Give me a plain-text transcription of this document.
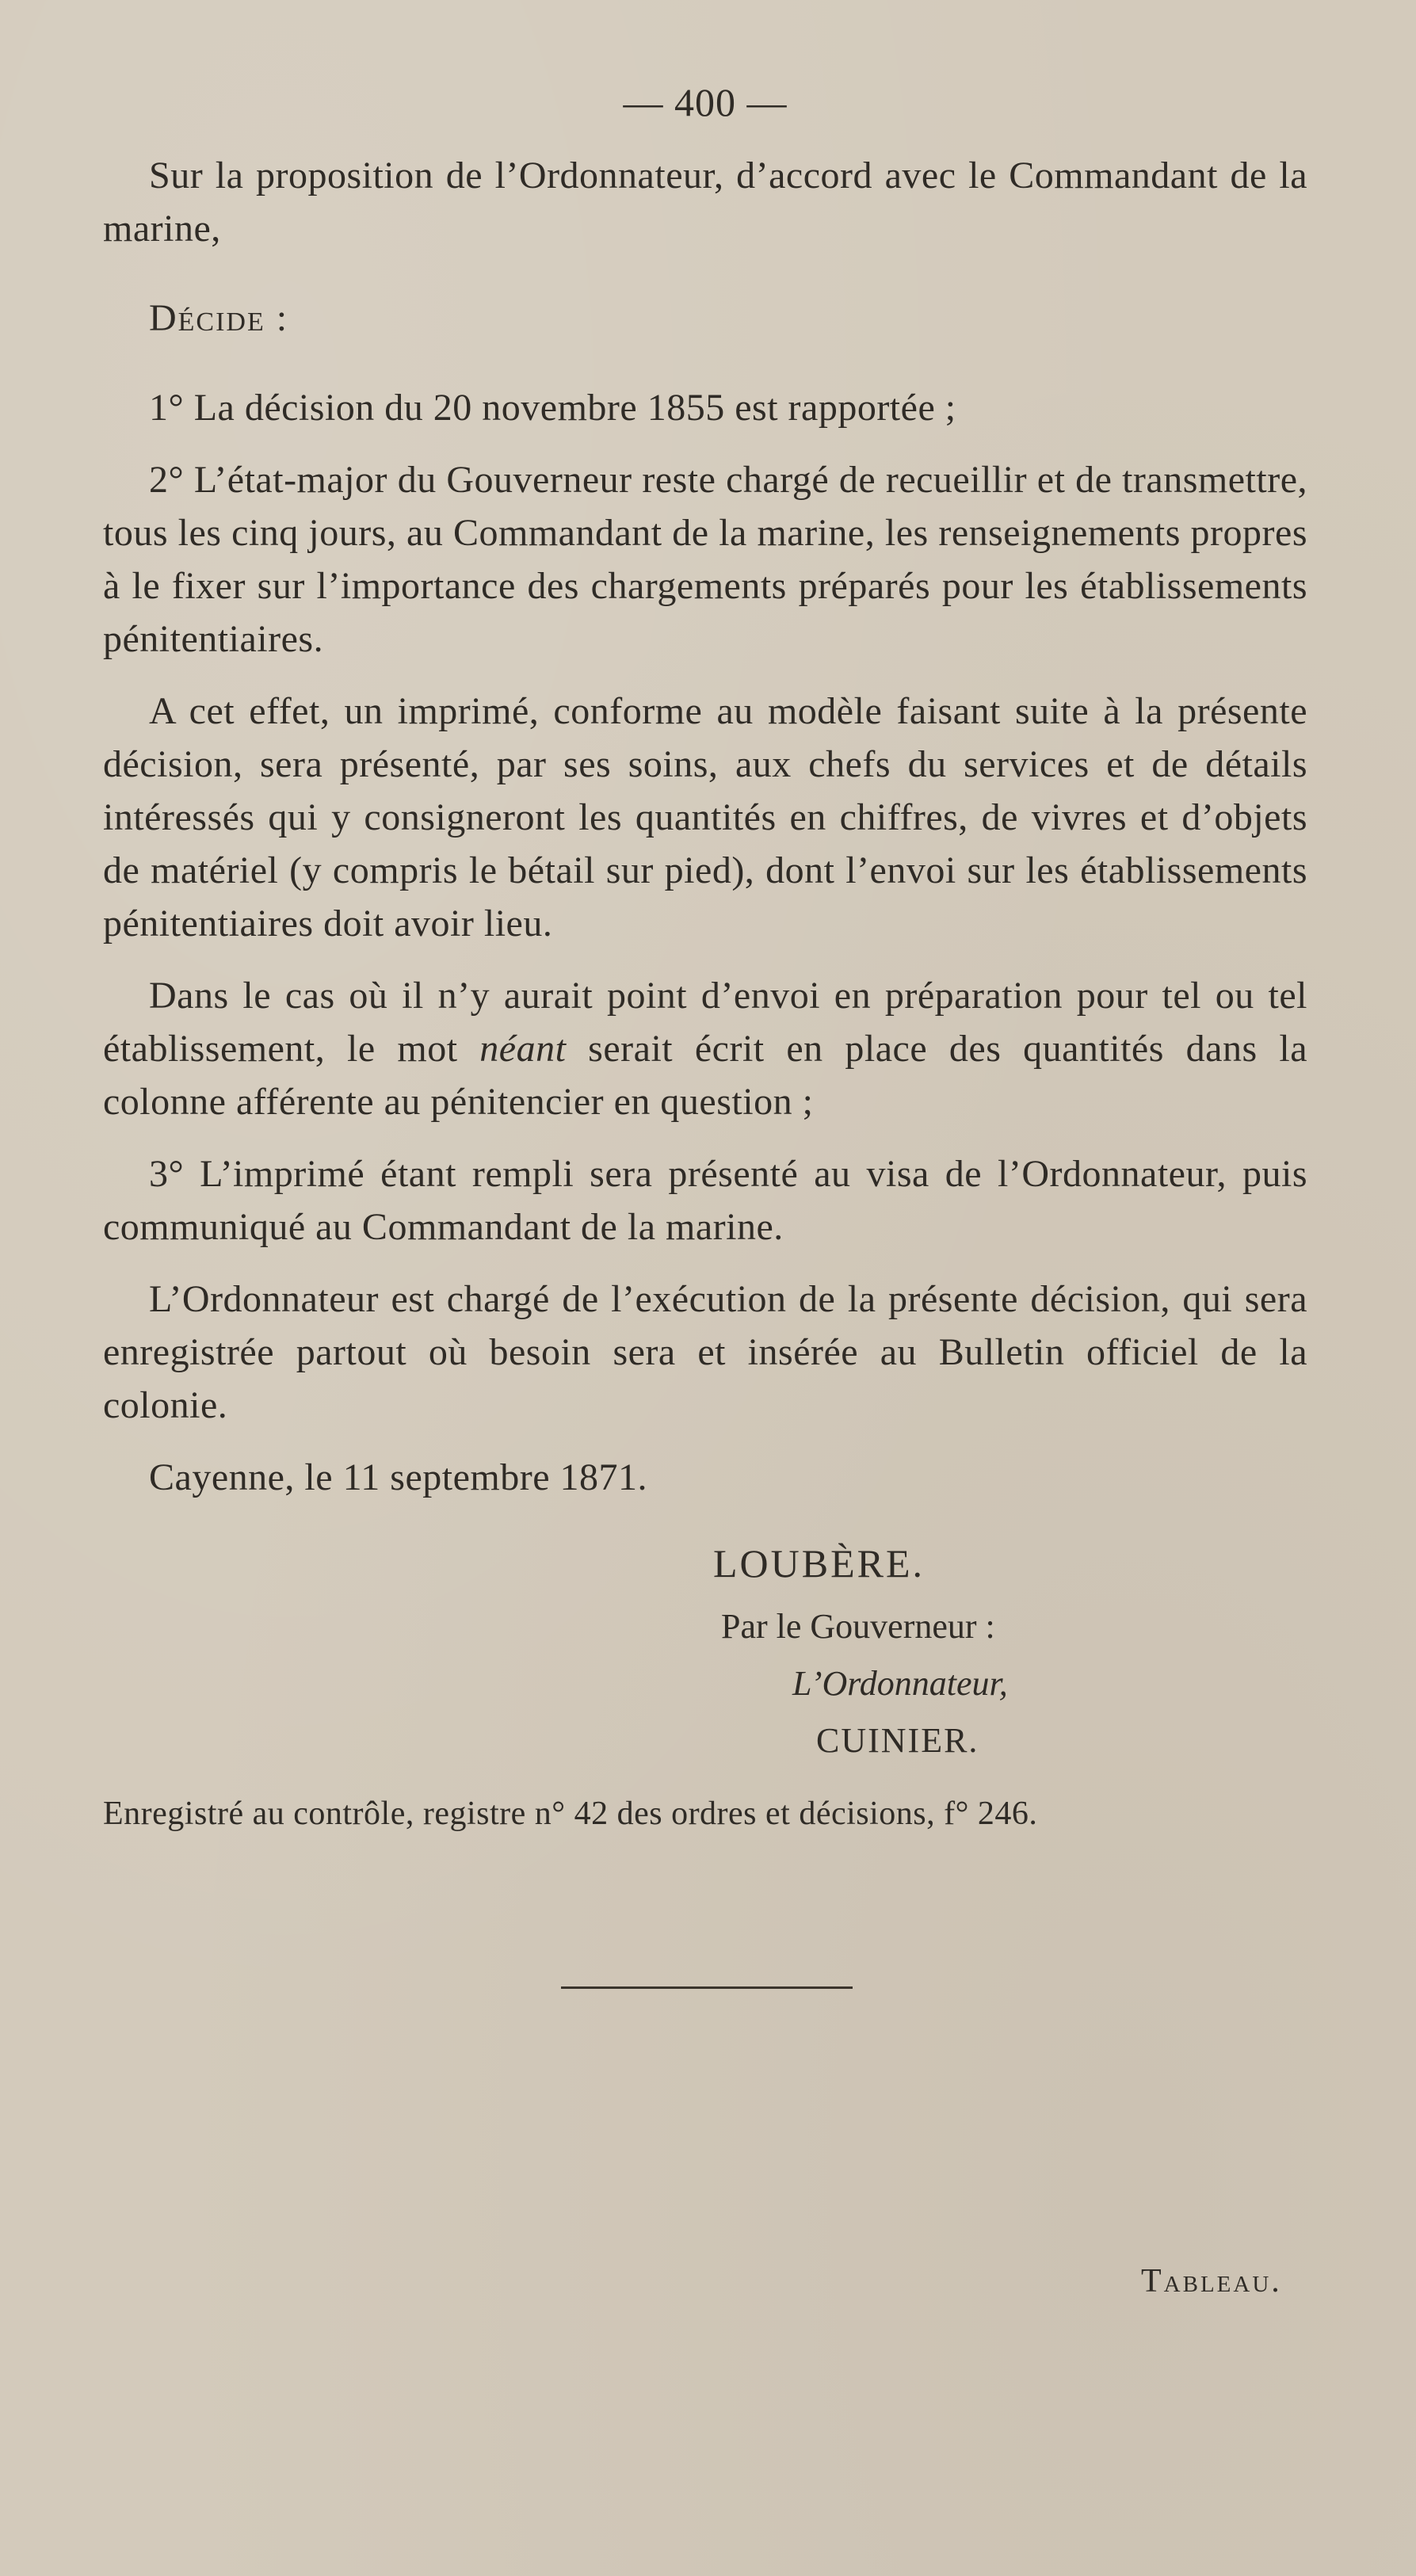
— 400 —

Sur la proposition de l’Ordonnateur, d’accord avec le Commandant de la marine,

Décide :

1° La décision du 20 novembre 1855 est rapportée ;

2° L’état-major du Gouverneur reste chargé de recueillir et de transmettre, tous les cinq jours, au Commandant de la marine, les renseignements propres à le fixer sur l’importance des chargements préparés pour les établissements pénitentiaires.

A cet effet, un imprimé, conforme au modèle faisant suite à la présente décision, sera présenté, par ses soins, aux chefs du services et de détails intéressés qui y consigneront les quantités en chiffres, de vivres et d’objets de matériel (y compris le bétail sur pied), dont l’envoi sur les établissements pénitentiaires doit avoir lieu.

Dans le cas où il n’y aurait point d’envoi en préparation pour tel ou tel établissement, le mot néant serait écrit en place des quantités dans la colonne afférente au pénitencier en question ;

3° L’imprimé étant rempli sera présenté au visa de l’Ordonnateur, puis communiqué au Commandant de la marine.

L’Ordonnateur est chargé de l’exécution de la présente décision, qui sera enregistrée partout où besoin sera et insérée au Bulletin officiel de la colonie.

Cayenne, le 11 septembre 1871.

LOUBÈRE.
Par le Gouverneur :
L’Ordonnateur,
CUINIER.
Enregistré au contrôle, registre n° 42 des ordres et décisions, f° 246.
Tableau.
